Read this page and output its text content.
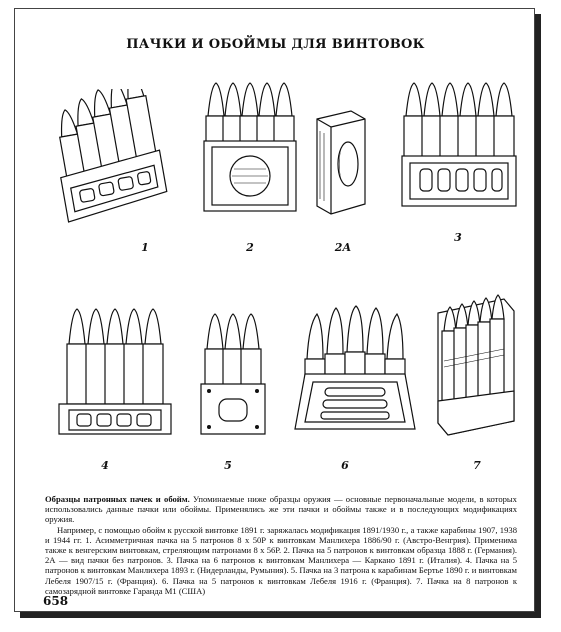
ПАЧКИ И ОБОЙМЫ ДЛЯ ВИНТОВОК
1	2	2А
3
4	5	6	7

Образцы патронных пачек и обойм. Упоминаемые ниже образцы оружия — основные первоначальные модели, в которых использовались данные пачки или обоймы. Применялись же эти пачки и обоймы также и в последующих модификациях оружия.

Например, с помощью обойм к русской винтовке 1891 г. заряжалась модификация 1891/1930 г., а также карабины 1907, 1938 и 1944 гг. 1. Асимметричная пачка на 5 патронов 8 х 50Р к винтовкам Манлихера 1886/90 г. (Австро-Венгрия). Применима также к венгерским винтовкам, стреляющим патронами 8 х 56Р. 2. Пачка на 5 патронов к винтовкам образца 1888 г. (Германия). 2А — вид пачки без патронов. 3. Пачка на 6 патронов к винтовкам Манлихера — Каркано 1891 г. (Италия). 4. Пачка на 5 патронов к винтовкам Манлихера 1893 г. (Нидерланды, Румыния). 5. Пачка на 3 патрона к карабинам Бертье 1890 г. и винтовкам Лебеля 1907/15 г. (Франция). 6. Пачка на 5 патронов к винтовкам Лебеля 1916 г. (Франция). 7. Пачка на 8 патронов к самозарядной винтовке Гаранда М1 (США)

658
